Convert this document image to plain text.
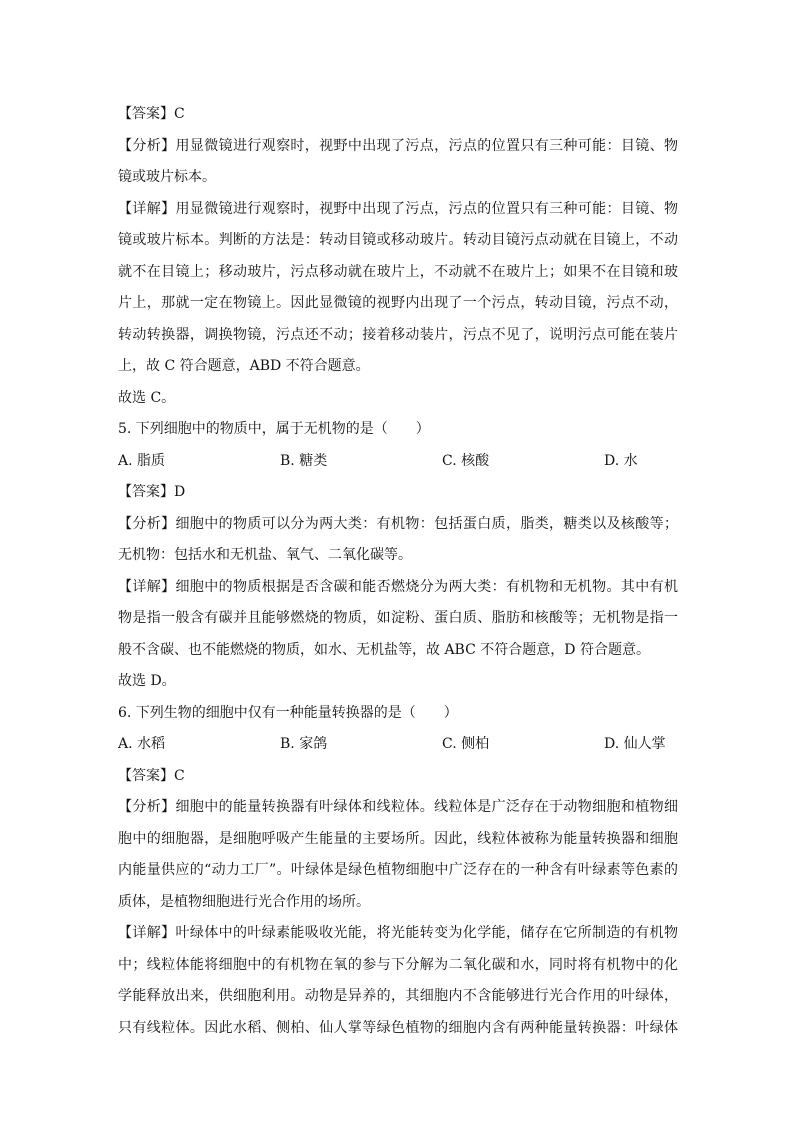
【答案】C
【分析】用显微镜进行观察时，视野中出现了污点，污点的位置只有三种可能：目镜、物
镜或玻片标本。
【详解】用显微镜进行观察时，视野中出现了污点，污点的位置只有三种可能：目镜、物
镜或玻片标本。判断的方法是：转动目镜或移动玻片。转动目镜污点动就在目镜上，不动
就不在目镜上；移动玻片，污点移动就在玻片上，不动就不在玻片上；如果不在目镜和玻
片上，那就一定在物镜上。因此显微镜的视野内出现了一个污点，转动目镜，污点不动，
转动转换器，调换物镜，污点还不动；接着移动装片，污点不见了，说明污点可能在装片
上，故 C 符合题意，ABD 不符合题意。
故选 C。
5. 下列细胞中的物质中，属于无机物的是（　　）
A. 脂质	B. 糖类	C. 核酸	D. 水
【答案】D
【分析】细胞中的物质可以分为两大类：有机物：包括蛋白质，脂类，糖类以及核酸等；
无机物：包括水和无机盐、氧气、二氧化碳等。
【详解】细胞中的物质根据是否含碳和能否燃烧分为两大类：有机物和无机物。其中有机
物是指一般含有碳并且能够燃烧的物质，如淀粉、蛋白质、脂肪和核酸等；无机物是指一
般不含碳、也不能燃烧的物质，如水、无机盐等，故 ABC 不符合题意，D 符合题意。
故选 D。
6. 下列生物的细胞中仅有一种能量转换器的是（　　）
A. 水稻	B. 家鸽	C. 侧柏	D. 仙人掌
【答案】C
【分析】细胞中的能量转换器有叶绿体和线粒体。线粒体是广泛存在于动物细胞和植物细
胞中的细胞器，是细胞呼吸产生能量的主要场所。因此，线粒体被称为能量转换器和细胞
内能量供应的“动力工厂”。叶绿体是绿色植物细胞中广泛存在的一种含有叶绿素等色素的
质体，是植物细胞进行光合作用的场所。
【详解】叶绿体中的叶绿素能吸收光能，将光能转变为化学能，储存在它所制造的有机物
中；线粒体能将细胞中的有机物在氧的参与下分解为二氧化碳和水，同时将有机物中的化
学能释放出来，供细胞利用。动物是异养的，其细胞内不含能够进行光合作用的叶绿体，
只有线粒体。因此水稻、侧柏、仙人掌等绿色植物的细胞内含有两种能量转换器：叶绿体
